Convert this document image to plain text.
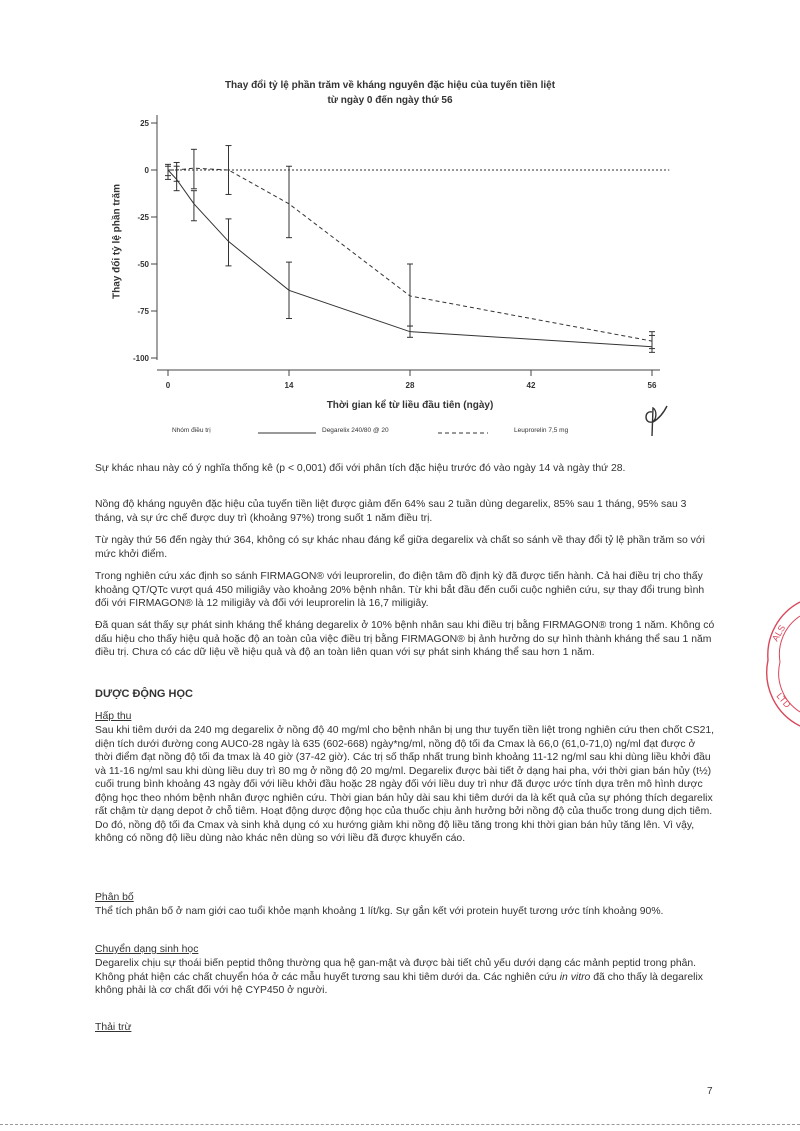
Thay đổi tỷ lệ phần trăm về kháng nguyên đặc hiệu của tuyến tiền liệt
từ ngày 0 đến ngày thứ 56
25
0
-25
-50
-75
-100
0	14	28	42	56
Thay đổi tỷ lệ phần trăm
Thời gian kể từ liều đầu tiên (ngày)
Nhóm điều trị	Degarelix 240/80 @ 20	Leuprorelin 7,5 mg
ALS
LTD

Sự khác nhau này có ý nghĩa thống kê (p < 0,001) đối với phân tích đặc hiệu trước đó vào ngày 14 và ngày thứ 28.

Nồng độ kháng nguyên đặc hiệu của tuyến tiền liệt được giảm đến 64% sau 2 tuần dùng degarelix, 85% sau 1 tháng, 95% sau 3 tháng, và sự ức chế được duy trì (khoảng 97%) trong suốt 1 năm điều trị.

Từ ngày thứ 56 đến ngày thứ 364, không có sự khác nhau đáng kể giữa degarelix và chất so sánh về thay đổi tỷ lệ phần trăm so với mức khởi điểm.

Trong nghiên cứu xác định so sánh FIRMAGON® với leuprorelin, đo điện tâm đồ định kỳ đã được tiến hành. Cả hai điều trị cho thấy khoảng QT/QTc vượt quá 450 miligiây vào khoảng 20% bệnh nhân. Từ khi bắt đầu đến cuối cuộc nghiên cứu, sự thay đổi trung bình đối với FIRMAGON® là 12 miligiây và đối với leuprorelin là 16,7 miligiây.

Đã quan sát thấy sự phát sinh kháng thể kháng degarelix ở 10% bệnh nhân sau khi điều trị bằng FIRMAGON® trong 1 năm. Không có dấu hiệu cho thấy hiệu quả hoặc độ an toàn của việc điều trị bằng FIRMAGON® bị ảnh hưởng do sự hình thành kháng thể sau 1 năm điều trị. Chưa có các dữ liệu về hiệu quả và độ an toàn liên quan với sự phát sinh kháng thể sau hơn 1 năm.

DƯỢC ĐỘNG HỌC
Hấp thu

Sau khi tiêm dưới da 240 mg degarelix ở nồng độ 40 mg/ml cho bệnh nhân bị ung thư tuyến tiền liệt trong nghiên cứu then chốt CS21, diện tích dưới đường cong AUC0-28 ngày là 635 (602-668) ngày*ng/ml, nồng độ tối đa Cmax là 66,0 (61,0-71,0) ng/ml đạt được ở thời điểm đạt nồng độ tối đa tmax là 40 giờ (37-42 giờ). Các trị số thấp nhất trung bình khoảng 11-12 ng/ml sau khi dùng liều khởi đầu và 11-16 ng/ml sau khi dùng liều duy trì 80 mg ở nồng độ 20 mg/ml. Degarelix được bài tiết ở dạng hai pha, với thời gian bán hủy (t½) cuối trung bình khoảng 43 ngày đối với liều khởi đầu hoặc 28 ngày đối với liều duy trì như đã được ước tính dựa trên mô hình dược động học theo nhóm bệnh nhân được nghiên cứu. Thời gian bán hủy dài sau khi tiêm dưới da là kết quả của sự phóng thích degarelix rất chậm từ dạng depot ở chỗ tiêm. Hoạt động dược động học của thuốc chịu ảnh hưởng bởi nồng độ của thuốc trong dung dịch tiêm. Do đó, nồng độ tối đa Cmax và sinh khả dụng có xu hướng giảm khi nồng độ liều tăng trong khi thời gian bán hủy tăng lên. Vì vậy, không có nồng độ liều dùng nào khác nên dùng so với liều đã được khuyến cáo.

Phân bố

Thể tích phân bố ở nam giới cao tuổi khỏe mạnh khoảng 1 lít/kg. Sự gắn kết với protein huyết tương ước tính khoảng 90%.

Chuyển dạng sinh học

Degarelix chịu sự thoái biến peptid thông thường qua hệ gan-mật và được bài tiết chủ yếu dưới dạng các mảnh peptid trong phân. Không phát hiện các chất chuyển hóa ở các mẫu huyết tương sau khi tiêm dưới da. Các nghiên cứu in vitro đã cho thấy là degarelix không phải là cơ chất đối với hệ CYP450 ở người.

Thải trừ
7
